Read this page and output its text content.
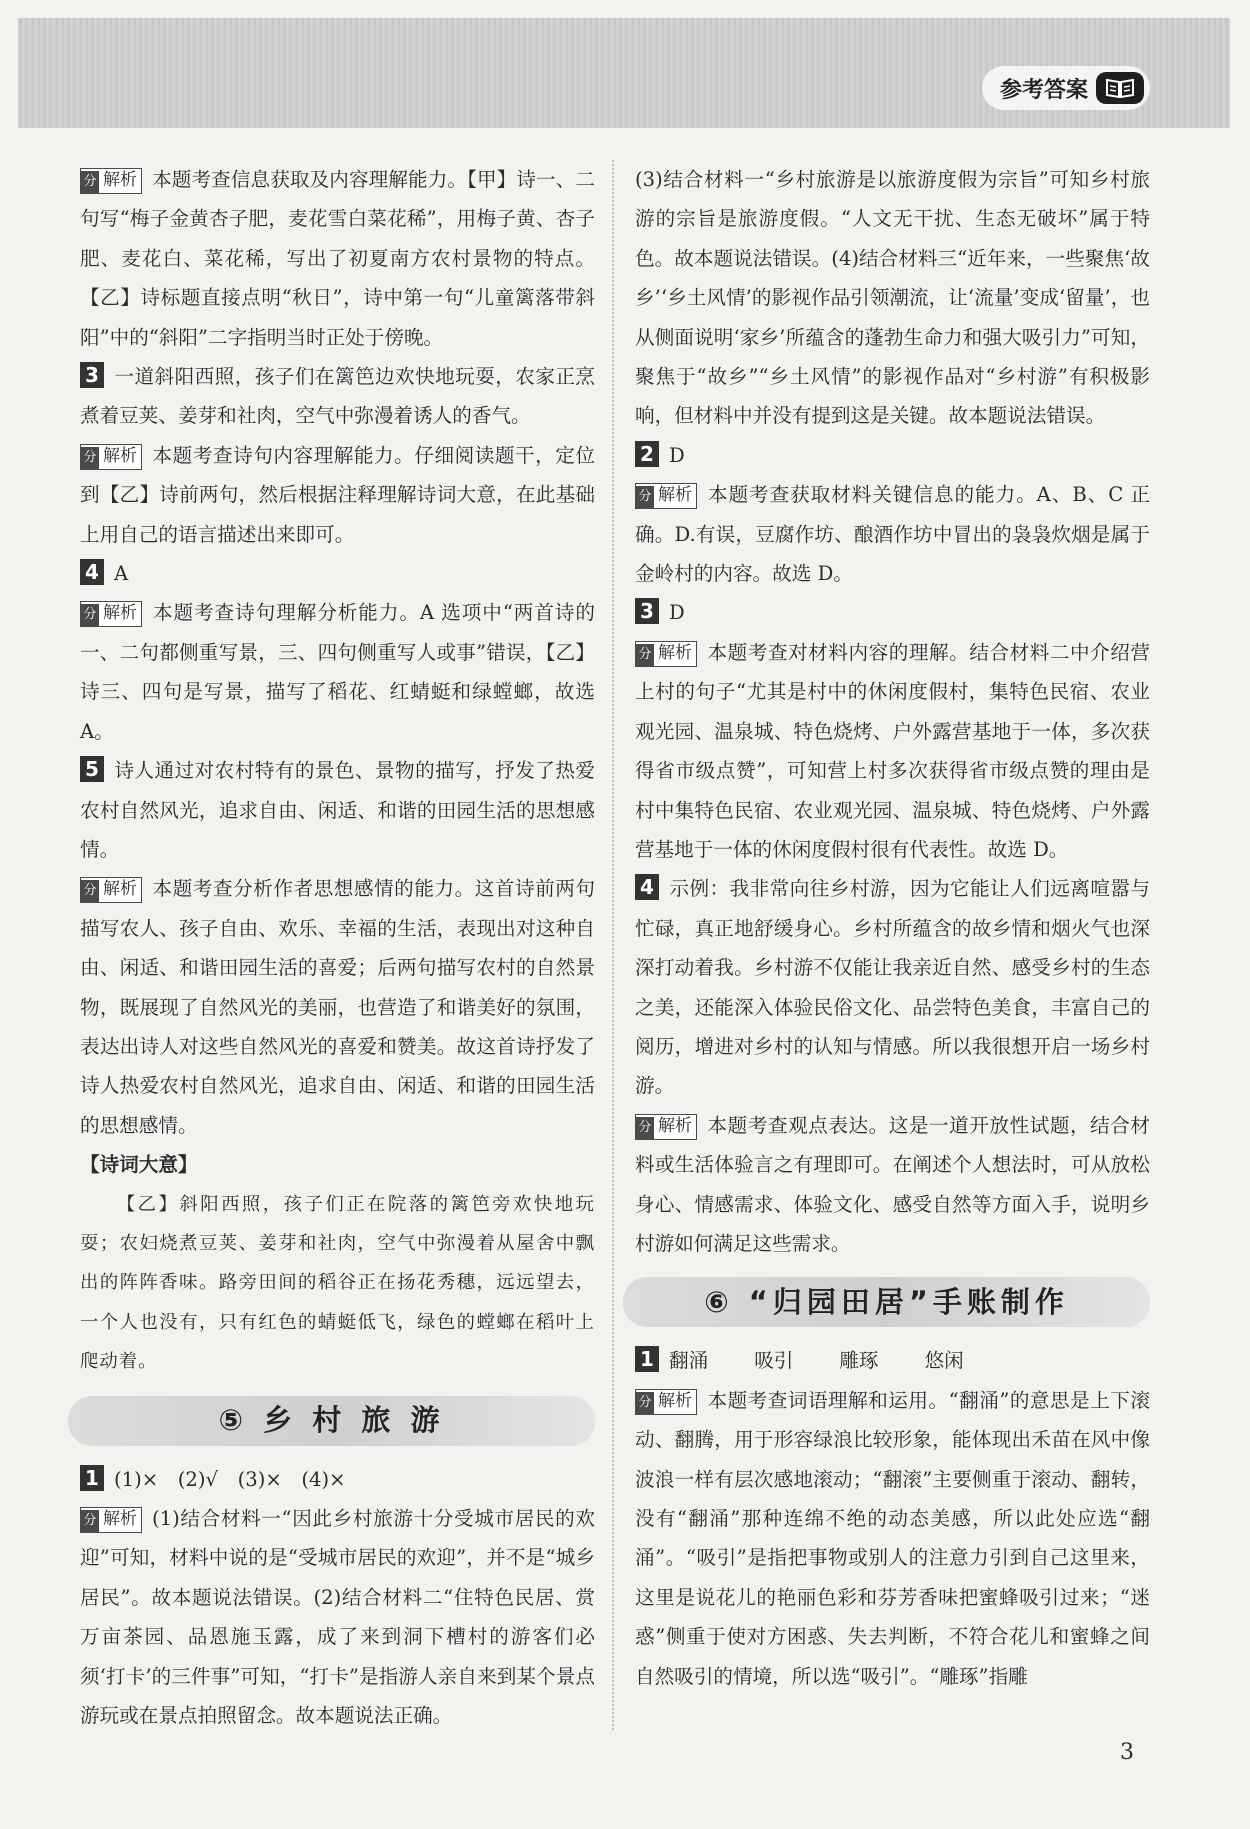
参考答案

分 解析 本题考查信息获取及内容理解能力。【甲】诗一、二句写“梅子金黄杏子肥，麦花雪白菜花稀”，用梅子黄、杏子肥、麦花白、菜花稀，写出了初夏南方农村景物的特点。【乙】诗标题直接点明“秋日”，诗中第一句“儿童篱落带斜阳”中的“斜阳”二字指明当时正处于傍晚。

3 一道斜阳西照，孩子们在篱笆边欢快地玩耍，农家正烹煮着豆荚、姜芽和社肉，空气中弥漫着诱人的香气。

分 解析 本题考查诗句内容理解能力。仔细阅读题干，定位到【乙】诗前两句，然后根据注释理解诗词大意，在此基础上用自己的语言描述出来即可。

4 A

分 解析 本题考查诗句理解分析能力。A 选项中“两首诗的一、二句都侧重写景，三、四句侧重写人或事”错误，【乙】诗三、四句是写景，描写了稻花、红蜻蜓和绿螳螂，故选 A。

5 诗人通过对农村特有的景色、景物的描写，抒发了热爱农村自然风光，追求自由、闲适、和谐的田园生活的思想感情。

分 解析 本题考查分析作者思想感情的能力。这首诗前两句描写农人、孩子自由、欢乐、幸福的生活，表现出对这种自由、闲适、和谐田园生活的喜爱；后两句描写农村的自然景物，既展现了自然风光的美丽，也营造了和谐美好的氛围，表达出诗人对这些自然风光的喜爱和赞美。故这首诗抒发了诗人热爱农村自然风光，追求自由、闲适、和谐的田园生活的思想感情。

【诗词大意】

【乙】斜阳西照，孩子们正在院落的篱笆旁欢快地玩耍；农妇烧煮豆荚、姜芽和社肉，空气中弥漫着从屋舍中飘出的阵阵香味。路旁田间的稻谷正在扬花秀穗，远远望去，一个人也没有，只有红色的蜻蜓低飞，绿色的螳螂在稻叶上爬动着。

⑤ 乡 村 旅 游

1 (1)×　(2)√　(3)×　(4)×

分 解析 (1)结合材料一“因此乡村旅游十分受城市居民的欢迎”可知，材料中说的是“受城市居民的欢迎”，并不是“城乡居民”。故本题说法错误。(2)结合材料二“住特色民居、赏万亩茶园、品恩施玉露，成了来到洞下槽村的游客们必须‘打卡’的三件事”可知，“打卡”是指游人亲自来到某个景点游玩或在景点拍照留念。故本题说法正确。

(3)结合材料一“乡村旅游是以旅游度假为宗旨”可知乡村旅游的宗旨是旅游度假。“人文无干扰、生态无破坏”属于特色。故本题说法错误。(4)结合材料三“近年来，一些聚焦‘故乡’‘乡土风情’的影视作品引领潮流，让‘流量’变成‘留量’，也从侧面说明‘家乡’所蕴含的蓬勃生命力和强大吸引力”可知，聚焦于“故乡”“乡土风情”的影视作品对“乡村游”有积极影响，但材料中并没有提到这是关键。故本题说法错误。

2 D

分 解析 本题考查获取材料关键信息的能力。A、B、C 正确。D.有误，豆腐作坊、酿酒作坊中冒出的袅袅炊烟是属于金岭村的内容。故选 D。

3 D

分 解析 本题考查对材料内容的理解。结合材料二中介绍营上村的句子“尤其是村中的休闲度假村，集特色民宿、农业观光园、温泉城、特色烧烤、户外露营基地于一体，多次获得省市级点赞”，可知营上村多次获得省市级点赞的理由是村中集特色民宿、农业观光园、温泉城、特色烧烤、户外露营基地于一体的休闲度假村很有代表性。故选 D。

4 示例：我非常向往乡村游，因为它能让人们远离喧嚣与忙碌，真正地舒缓身心。乡村所蕴含的故乡情和烟火气也深深打动着我。乡村游不仅能让我亲近自然、感受乡村的生态之美，还能深入体验民俗文化、品尝特色美食，丰富自己的阅历，增进对乡村的认知与情感。所以我很想开启一场乡村游。

分 解析 本题考查观点表达。这是一道开放性试题，结合材料或生活体验言之有理即可。在阐述个人想法时，可从放松身心、情感需求、体验文化、感受自然等方面入手，说明乡村游如何满足这些需求。

⑥ “归园田居”手账制作

1 翻涌 吸引 雕琢 悠闲

分 解析 本题考查词语理解和运用。“翻涌”的意思是上下滚动、翻腾，用于形容绿浪比较形象，能体现出禾苗在风中像波浪一样有层次感地滚动；“翻滚”主要侧重于滚动、翻转，没有“翻涌”那种连绵不绝的动态美感，所以此处应选“翻涌”。“吸引”是指把事物或别人的注意力引到自己这里来，这里是说花儿的艳丽色彩和芬芳香味把蜜蜂吸引过来；“迷惑”侧重于使对方困惑、失去判断，不符合花儿和蜜蜂之间自然吸引的情境，所以选“吸引”。“雕琢”指雕

3
